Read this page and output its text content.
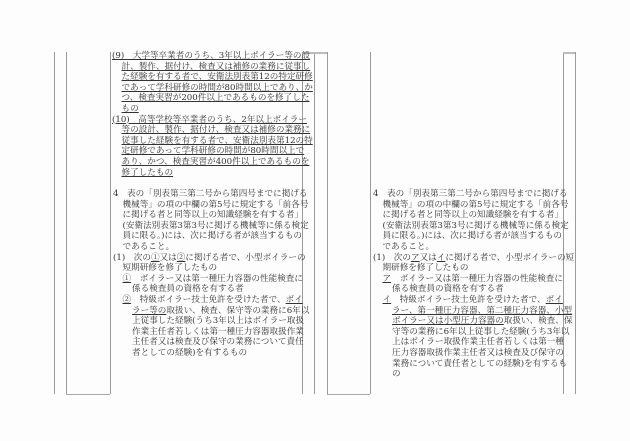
(9)　大学等卒業者のうち、3年以上ボイラー等の設
計、製作、据付け、検査又は補修の業務に従事し
た経験を有する者で、安衛法別表第12の特定研修
であって学科研修の時間が80時間以上であり、か
つ、検査実習が200件以上であるものを修了した
もの
(10)　高等学校等卒業者のうち、2年以上ボイラー
等の設計、製作、据付け、検査又は補修の業務に
従事した経験を有する者で、安衛法別表第12の特
定研修であって学科研修の時間が80時間以上で
あり、かつ、検査実習が400件以上であるものを
修了したもの
4　表の「別表第三第二号から第四号までに掲げる
機械等」の項の中欄の第5号に規定する「前各号
に掲げる者と同等以上の知識経験を有する者」
(安衛法別表第3第3号に掲げる機械等に係る検定
員に限る。)には、次に掲げる者が該当するもの
であること。
(1)　次の①又は②に掲げる者で、小型ボイラーの
短期研修を修了したもの
①　ボイラー又は第一種圧力容器の性能検査に
係る検査員の資格を有する者
②　特級ボイラー技士免許を受けた者で、ボイ
ラー等の取扱い、検査、保守等の業務に6年以
上従事した経験(うち3年以上はボイラー取扱
作業主任者若しくは第一種圧力容器取扱作業
主任者又は検査及び保守の業務について責任
者としての経験)を有するもの
4　表の「別表第三第二号から第四号までに掲げる
機械等」の項の中欄の第5号に規定する「前各号
に掲げる者と同等以上の知識経験を有する者」
(安衛法別表第3第3号に掲げる機械等に係る検定
員に限る。)には、次に掲げる者が該当するもの
であること。
(1)　次のア又はイに掲げる者で、小型ボイラーの短
期研修を修了したもの
ア　ボイラー又は第一種圧力容器の性能検査に
係る検査員の資格を有する者
イ　特級ボイラー技士免許を受けた者で、ボイ
ラー、第一種圧力容器、第二種圧力容器、小型
ボイラー又は小型圧力容器の取扱い、検査、保
守等の業務に6年以上従事した経験(うち3年以
上はボイラー取扱作業主任者若しくは第一種
圧力容器取扱作業主任者又は検査及び保守の
業務について責任者としての経験)を有するも
の
